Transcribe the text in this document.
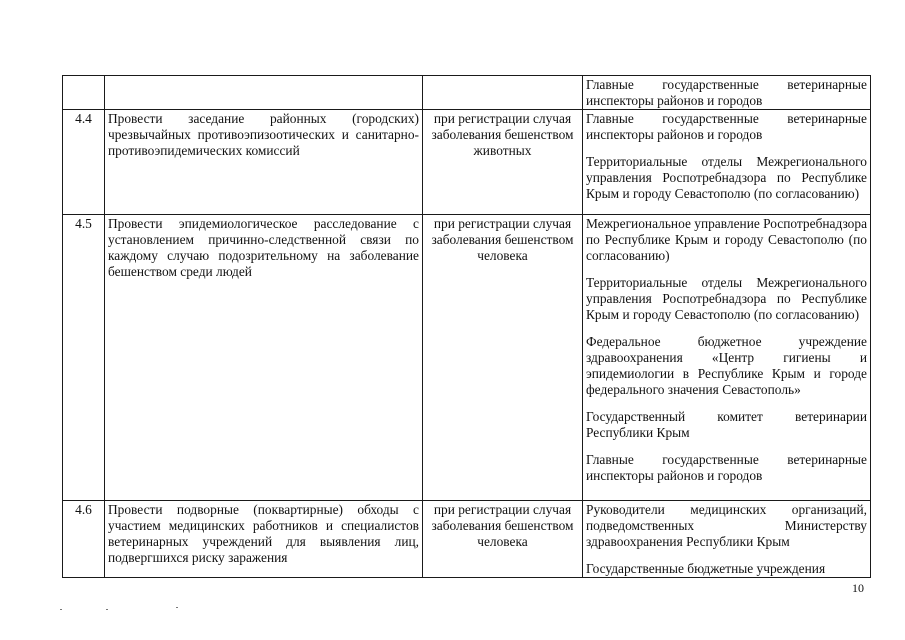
			Главные государственные ветеринарные инспекторы районов и городов

4.4	Провести заседание районных (городских) чрезвычайных противоэпизоотических и санитарно-противоэпидемических комиссий	при регистрации случая заболевания бешенством животных	Главные государственные ветеринарные инспекторы районов и городов

Территориальные отделы Межрегионального управления Роспотребнадзора по Республике Крым и городу Севастополю (по согласованию)

4.5	Провести эпидемиологическое расследование с установлением причинно-следственной связи по каждому случаю подозрительному на заболевание бешенством среди людей	при регистрации случая заболевания бешенством человека	Межрегиональное управление Роспотребнадзора по Республике Крым и городу Севастополю (по согласованию)

Территориальные отделы Межрегионального управления Роспотребнадзора по Республике Крым и городу Севастополю (по согласованию)

Федеральное бюджетное учреждение здравоохранения «Центр гигиены и эпидемиологии в Республике Крым и городе федерального значения Севастополь»

Государственный комитет ветеринарии Республики Крым

Главные государственные ветеринарные инспекторы районов и городов

4.6	Провести подворные (поквартирные) обходы с участием медицинских работников и специалистов ветеринарных учреждений для выявления лиц, подвергшихся риску заражения	при регистрации случая заболевания бешенством человека	Руководители медицинских организаций, подведомственных Министерству здравоохранения Республики Крым

Государственные бюджетные учреждения

10
